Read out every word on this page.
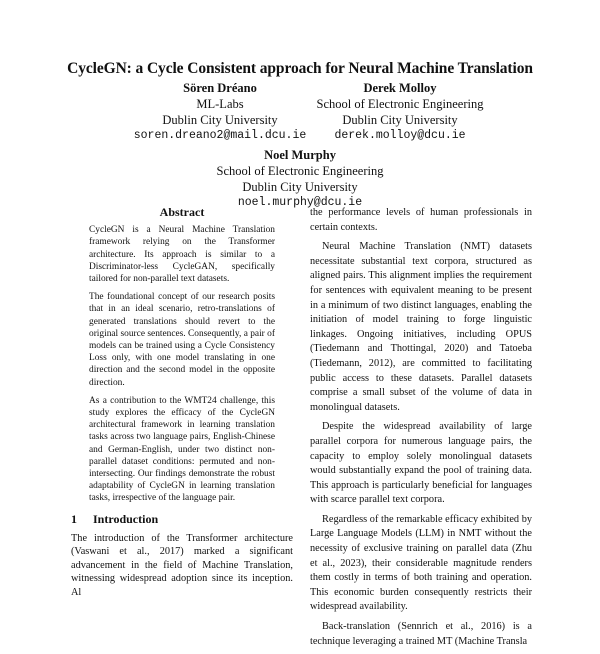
CycleGN: a Cycle Consistent approach for Neural Machine Translation
Sören Dréano
ML-Labs
Dublin City University
soren.dreano2@mail.dcu.ie
Derek Molloy
School of Electronic Engineering
Dublin City University
derek.molloy@dcu.ie
Noel Murphy
School of Electronic Engineering
Dublin City University
noel.murphy@dcu.ie
Abstract

CycleGN is a Neural Machine Translation framework relying on the Transformer architecture. Its approach is similar to a Discriminator-less CycleGAN, specifically tailored for non-parallel text datasets.

The foundational concept of our research posits that in an ideal scenario, retro-translations of generated translations should revert to the original source sentences. Consequently, a pair of models can be trained using a Cycle Consistency Loss only, with one model translating in one direction and the second model in the opposite direction.

As a contribution to the WMT24 challenge, this study explores the efficacy of the CycleGN architectural framework in learning translation tasks across two language pairs, English-Chinese and German-English, under two distinct non-parallel dataset conditions: permuted and non-intersecting. Our findings demonstrate the robust adaptability of CycleGN in learning translation tasks, irrespective of the language pair.

1 Introduction

The introduction of the Transformer architecture (Vaswani et al., 2017) marked a significant advancement in the field of Machine Translation, witnessing widespread adoption since its inception. Al

the performance levels of human professionals in certain contexts.

Neural Machine Translation (NMT) datasets necessitate substantial text corpora, structured as aligned pairs. This alignment implies the requirement for sentences with equivalent meaning to be present in a minimum of two distinct languages, enabling the initiation of model training to forge linguistic linkages. Ongoing initiatives, including OPUS (Tiedemann and Thottingal, 2020) and Tatoeba (Tiedemann, 2012), are committed to facilitating public access to these datasets. Parallel datasets comprise a small subset of the volume of data in monolingual datasets.

Despite the widespread availability of large parallel corpora for numerous language pairs, the capacity to employ solely monolingual datasets would substantially expand the pool of training data. This approach is particularly beneficial for languages with scarce parallel text corpora.

Regardless of the remarkable efficacy exhibited by Large Language Models (LLM) in NMT without the necessity of exclusive training on parallel data (Zhu et al., 2023), their considerable magnitude renders them costly in terms of both training and operation. This economic burden consequently restricts their widespread availability.

Back-translation (Sennrich et al., 2016) is a technique leveraging a trained MT (Machine Transla
